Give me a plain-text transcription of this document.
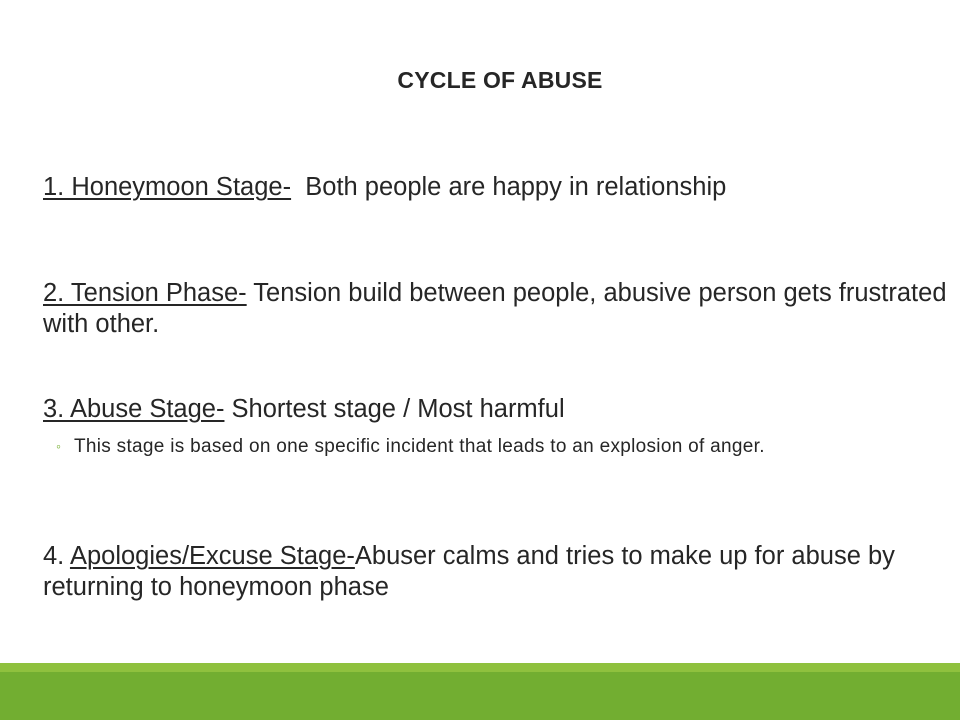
CYCLE OF ABUSE
1. Honeymoon Stage-  Both people are happy in relationship
2. Tension Phase- Tension build between people, abusive person gets frustrated with other.
3. Abuse Stage- Shortest stage / Most harmful
◦ This stage is based on one specific incident that leads to an explosion of anger.
4. Apologies/Excuse Stage-Abuser calms and tries to make up for abuse by returning to honeymoon phase
